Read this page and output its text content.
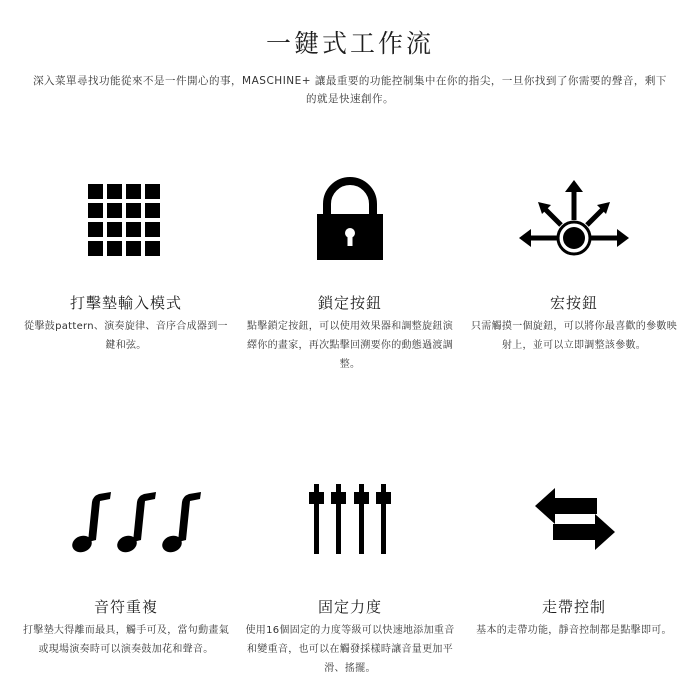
一鍵式工作流

深入菜單尋找功能從來不是一件開心的事，MASCHINE+ 讓最重要的功能控制集中在你的指尖，一旦你找到了你需要的聲音，剩下的就是快速創作。

打擊墊輸入模式
從擊鼓pattern、演奏旋律、音序合成器到一鍵和弦。
鎖定按鈕
點擊鎖定按鈕，可以使用效果器和調整旋鈕演繹你的畫家，再次點擊回溯要你的動態過渡調整。
宏按鈕
只需觸摸一個旋鈕，可以將你最喜歡的參數映射上，並可以立即調整該參數。
音符重複
打擊墊大得離而最具，觸手可及，當句動畫氣或現場演奏時可以演奏鼓加花和聲音。
固定力度
使用16個固定的力度等級可以快速地添加重音和變重音，也可以在觸發採樣時讓音量更加平滑、搖擺。
走帶控制
基本的走帶功能，靜音控制都是點擊即可。
